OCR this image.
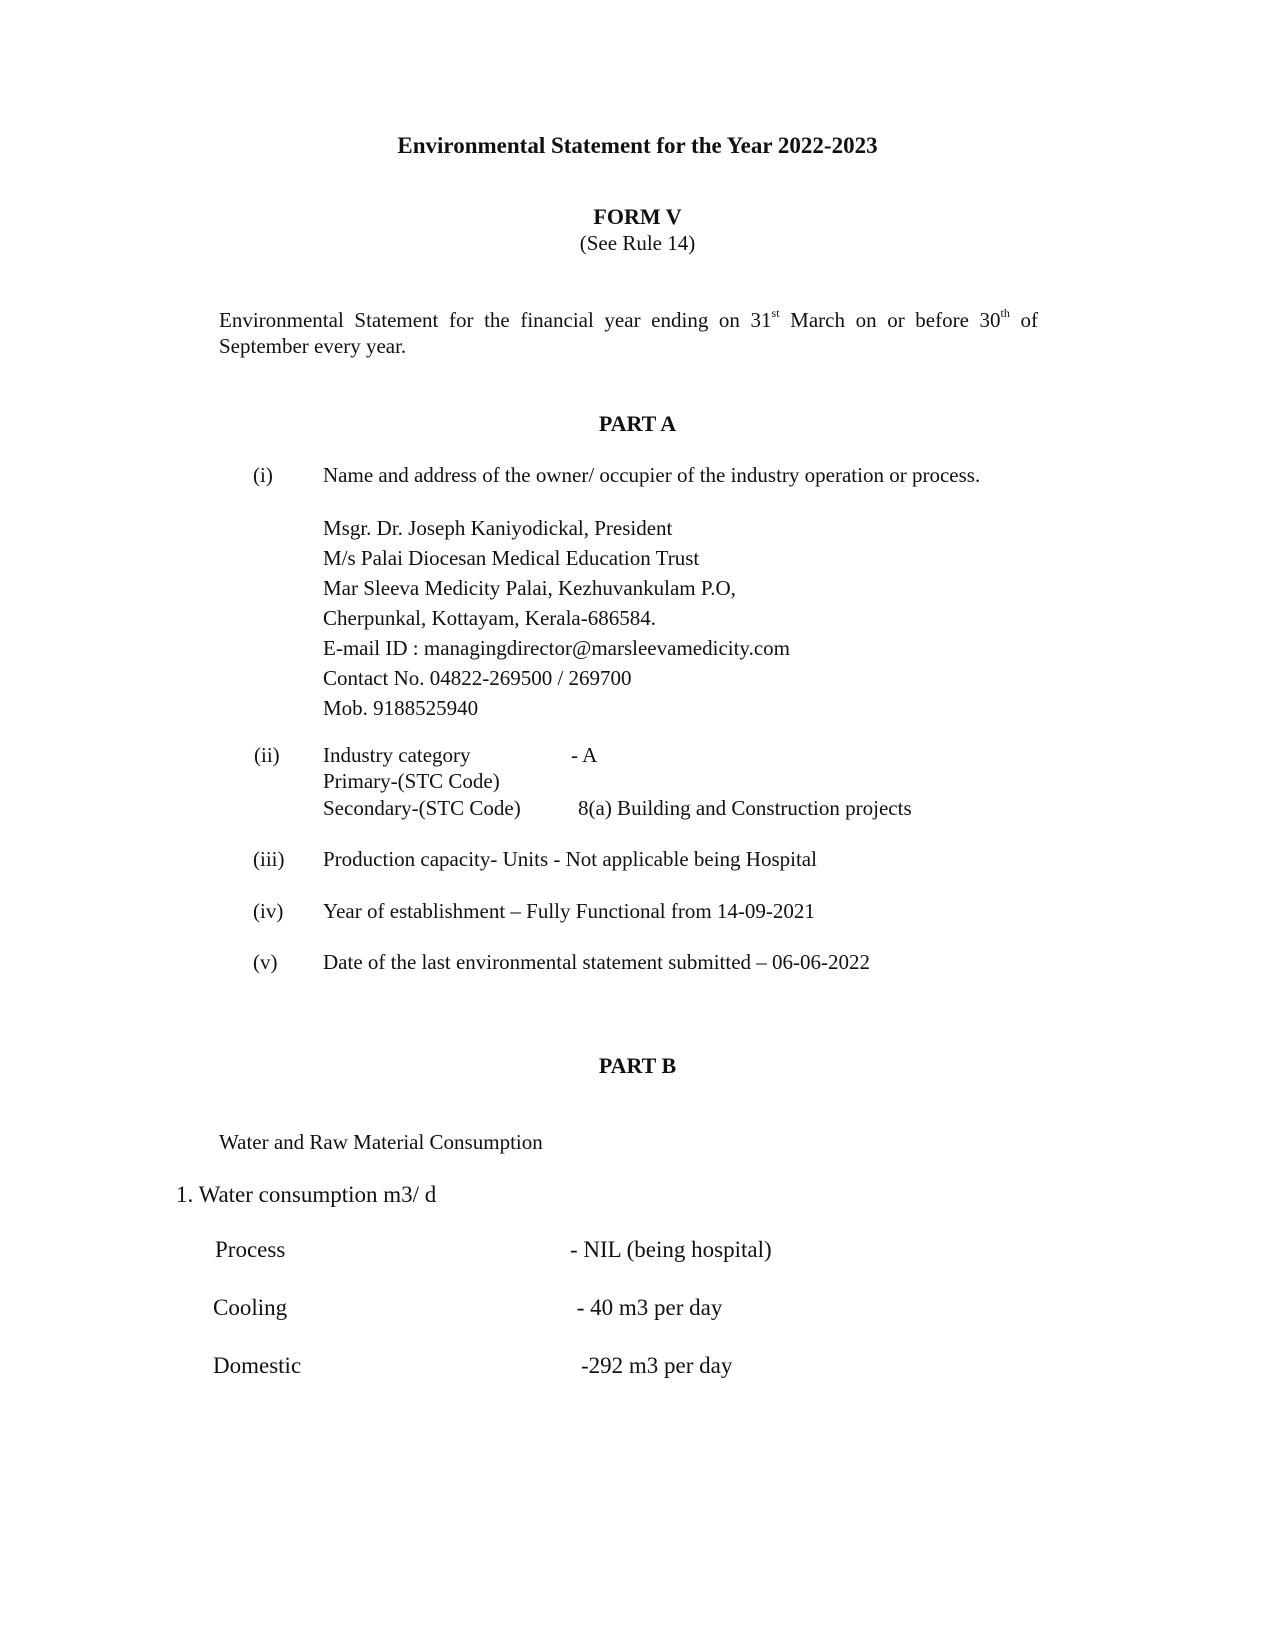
Environmental Statement for the Year 2022-2023
FORM V
(See Rule 14)
Environmental Statement for the financial year ending on 31st March on or before 30th of
September every year.
PART A
(i) Name and address of the owner/ occupier of the industry operation or process.
Msgr. Dr. Joseph Kaniyodickal, President
M/s Palai Diocesan Medical Education Trust
Mar Sleeva Medicity Palai, Kezhuvankulam P.O,
Cherpunkal, Kottayam, Kerala-686584.
E-mail ID : managingdirector@marsleevamedicity.com
Contact No. 04822-269500 / 269700
Mob. 9188525940
(ii) Industry category	- A
Primary-(STC Code)
Secondary-(STC Code)	8(a) Building and Construction projects
(iii) Production capacity- Units - Not applicable being Hospital
(iv) Year of establishment – Fully Functional from 14-09-2021
(v) Date of the last environmental statement submitted – 06-06-2022
PART B
Water and Raw Material Consumption
1. Water consumption m3/ d
Process	- NIL (being hospital)
Cooling	- 40 m3 per day
Domestic	-292 m3 per day
